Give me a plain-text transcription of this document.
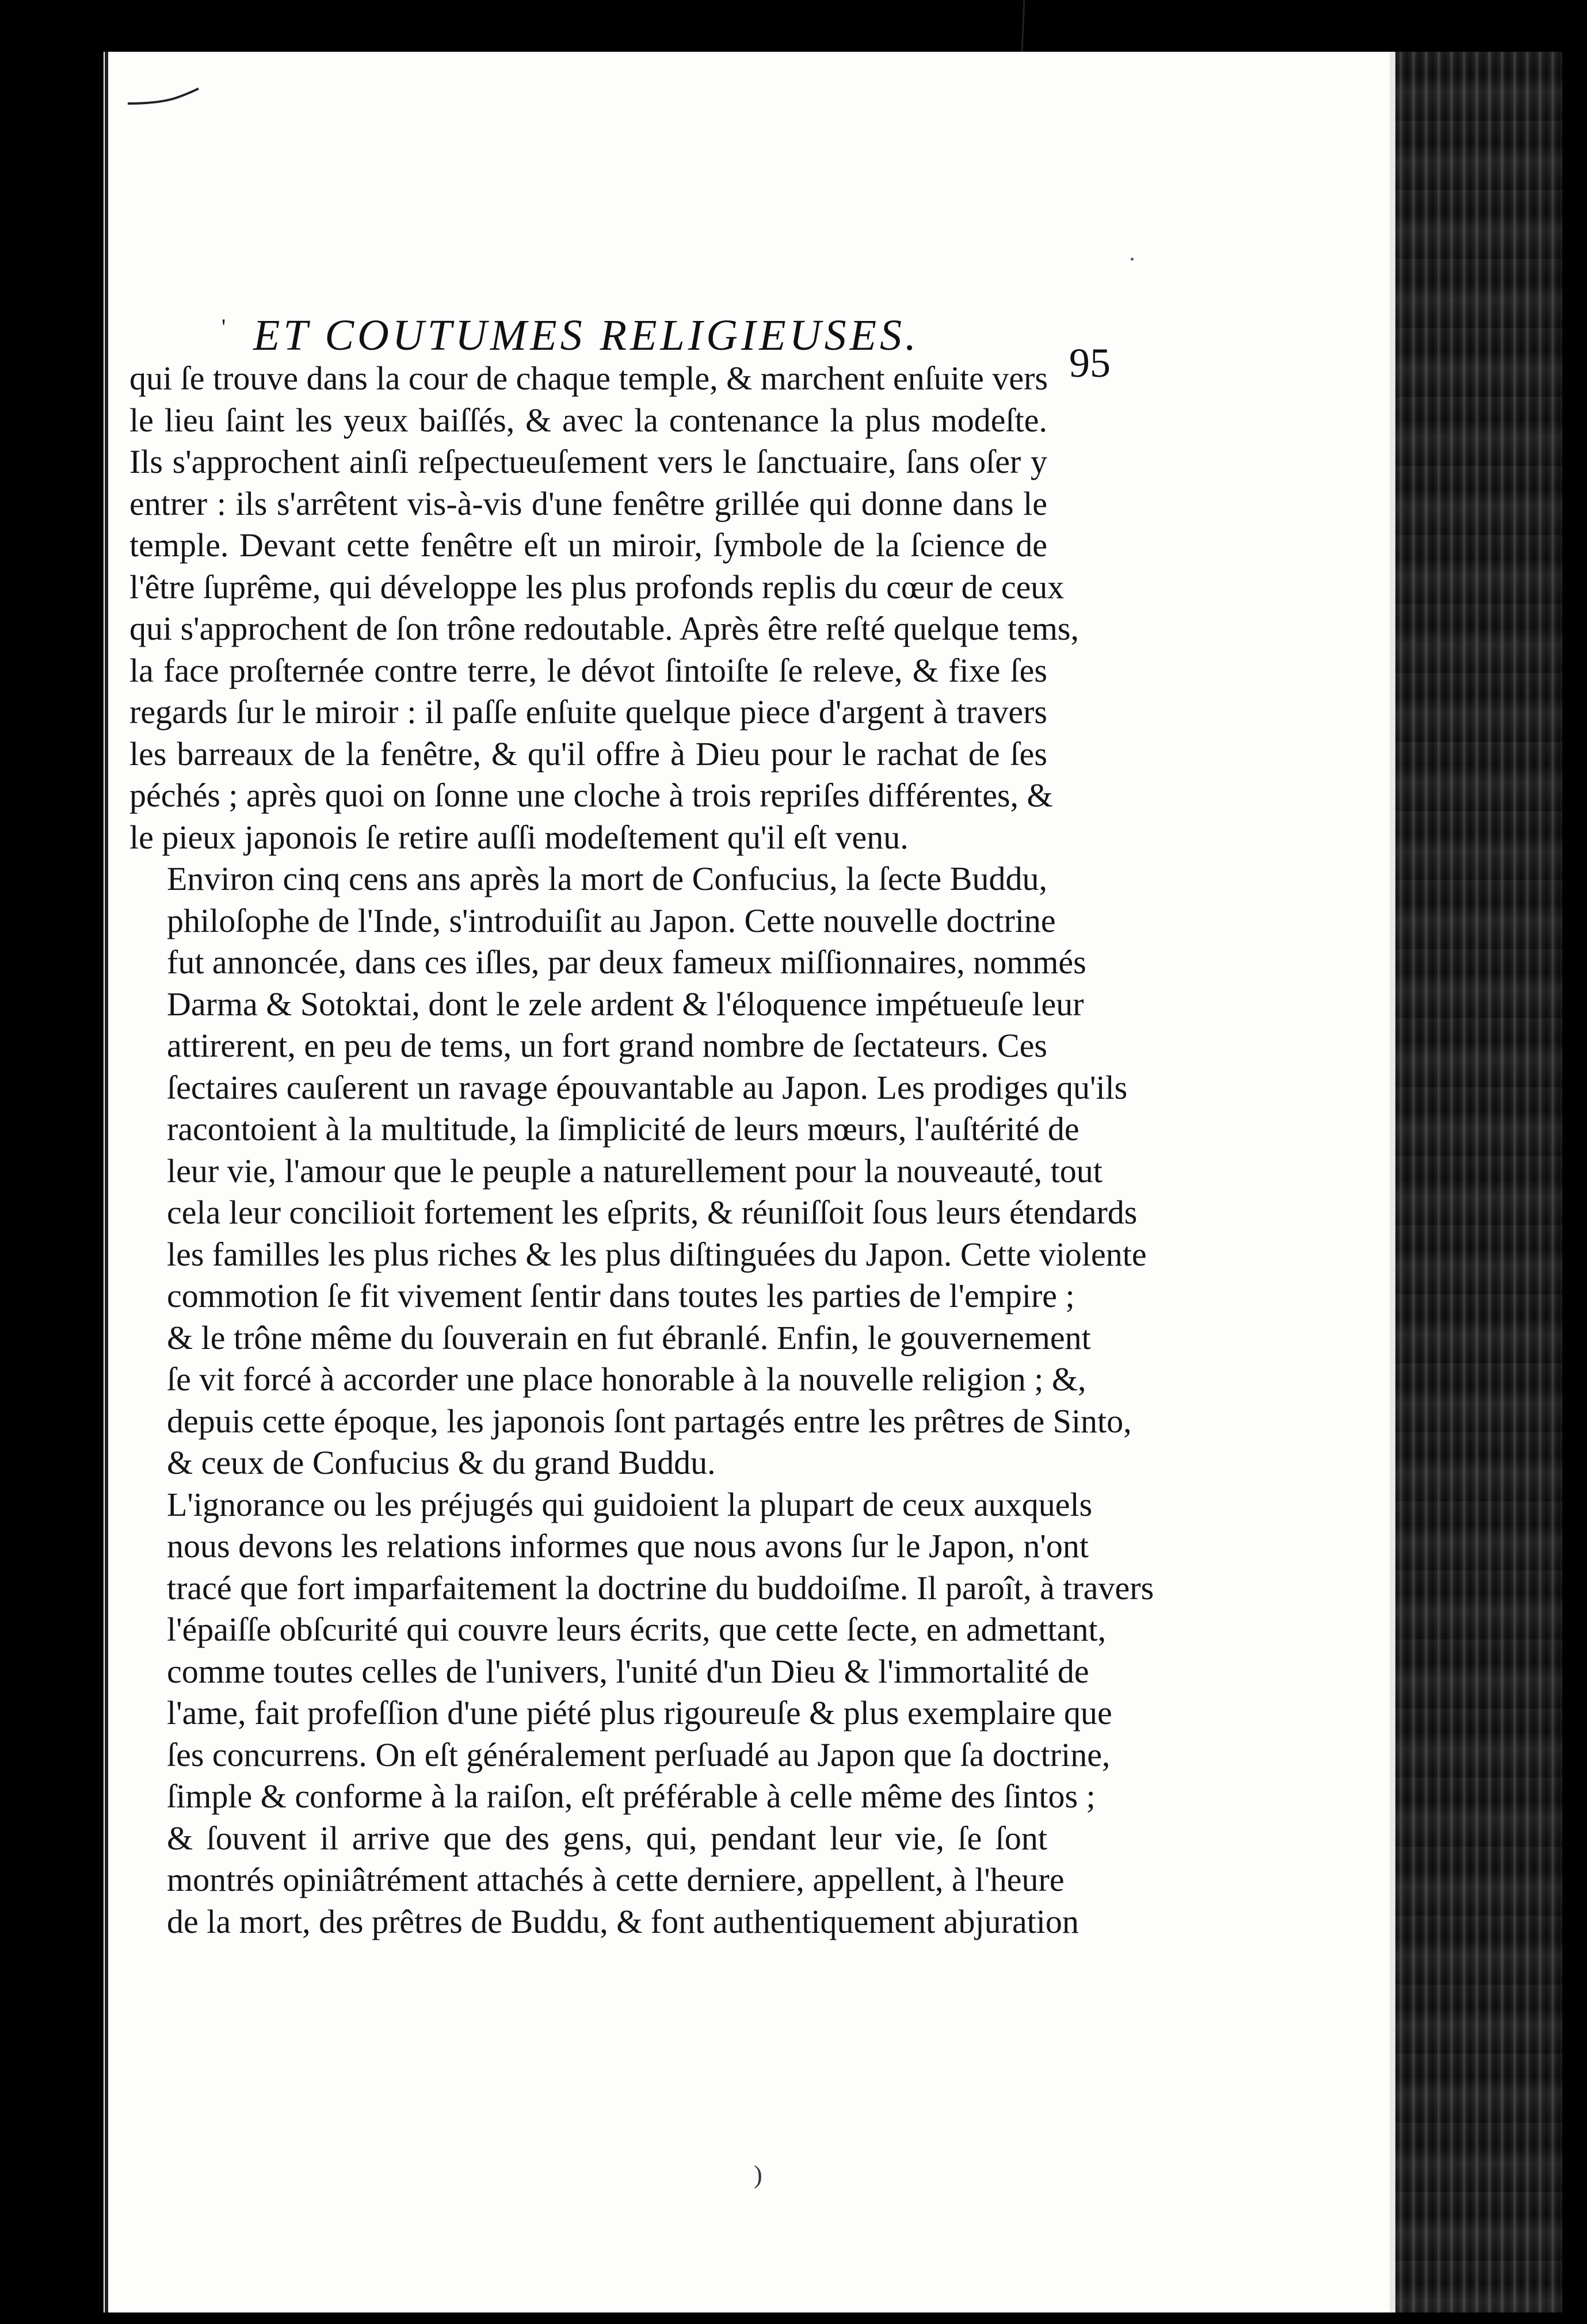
' ET COUTUMES RELIGIEUSES.
95
qui ſe trouve dans la cour de chaque temple, & marchent enſuite vers
le lieu ſaint les yeux baiſſés, & avec la contenance la plus modeſte.
Ils s'approchent ainſi reſpectueuſement vers le ſanctuaire, ſans oſer y
entrer : ils s'arrêtent vis-à-vis d'une fenêtre grillée qui donne dans le
temple. Devant cette fenêtre eſt un miroir, ſymbole de la ſcience de
l'être ſuprême, qui développe les plus profonds replis du cœur de ceux
qui s'approchent de ſon trône redoutable. Après être reſté quelque tems,
la face proſternée contre terre, le dévot ſintoiſte ſe releve, & fixe ſes
regards ſur le miroir : il paſſe enſuite quelque piece d'argent à travers
les barreaux de la fenêtre, & qu'il offre à Dieu pour le rachat de ſes
péchés ; après quoi on ſonne une cloche à trois repriſes différentes, &
le pieux japonois ſe retire auſſi modeſtement qu'il eſt venu.
Environ cinq cens ans après la mort de Confucius, la ſecte Buddu,
philoſophe de l'Inde, s'introduiſit au Japon. Cette nouvelle doctrine
fut annoncée, dans ces iſles, par deux fameux miſſionnaires, nommés
Darma & Sotoktai, dont le zele ardent & l'éloquence impétueuſe leur
attirerent, en peu de tems, un fort grand nombre de ſectateurs. Ces
ſectaires cauſerent un ravage épouvantable au Japon. Les prodiges qu'ils
racontoient à la multitude, la ſimplicité de leurs mœurs, l'auſtérité de
leur vie, l'amour que le peuple a naturellement pour la nouveauté, tout
cela leur concilioit fortement les eſprits, & réuniſſoit ſous leurs étendards
les familles les plus riches & les plus diſtinguées du Japon. Cette violente
commotion ſe fit vivement ſentir dans toutes les parties de l'empire ;
& le trône même du ſouverain en fut ébranlé. Enfin, le gouvernement
ſe vit forcé à accorder une place honorable à la nouvelle religion ; &,
depuis cette époque, les japonois ſont partagés entre les prêtres de Sinto,
& ceux de Confucius & du grand Buddu.
L'ignorance ou les préjugés qui guidoient la plupart de ceux auxquels
nous devons les relations informes que nous avons ſur le Japon, n'ont
tracé que fort imparfaitement la doctrine du buddoiſme. Il paroît, à travers
l'épaiſſe obſcurité qui couvre leurs écrits, que cette ſecte, en admettant,
comme toutes celles de l'univers, l'unité d'un Dieu & l'immortalité de
l'ame, fait profeſſion d'une piété plus rigoureuſe & plus exemplaire que
ſes concurrens. On eſt généralement perſuadé au Japon que ſa doctrine,
ſimple & conforme à la raiſon, eſt préférable à celle même des ſintos ;
& ſouvent il arrive que des gens, qui, pendant leur vie, ſe ſont
montrés opiniâtrément attachés à cette derniere, appellent, à l'heure
de la mort, des prêtres de Buddu, & font authentiquement abjuration
)
